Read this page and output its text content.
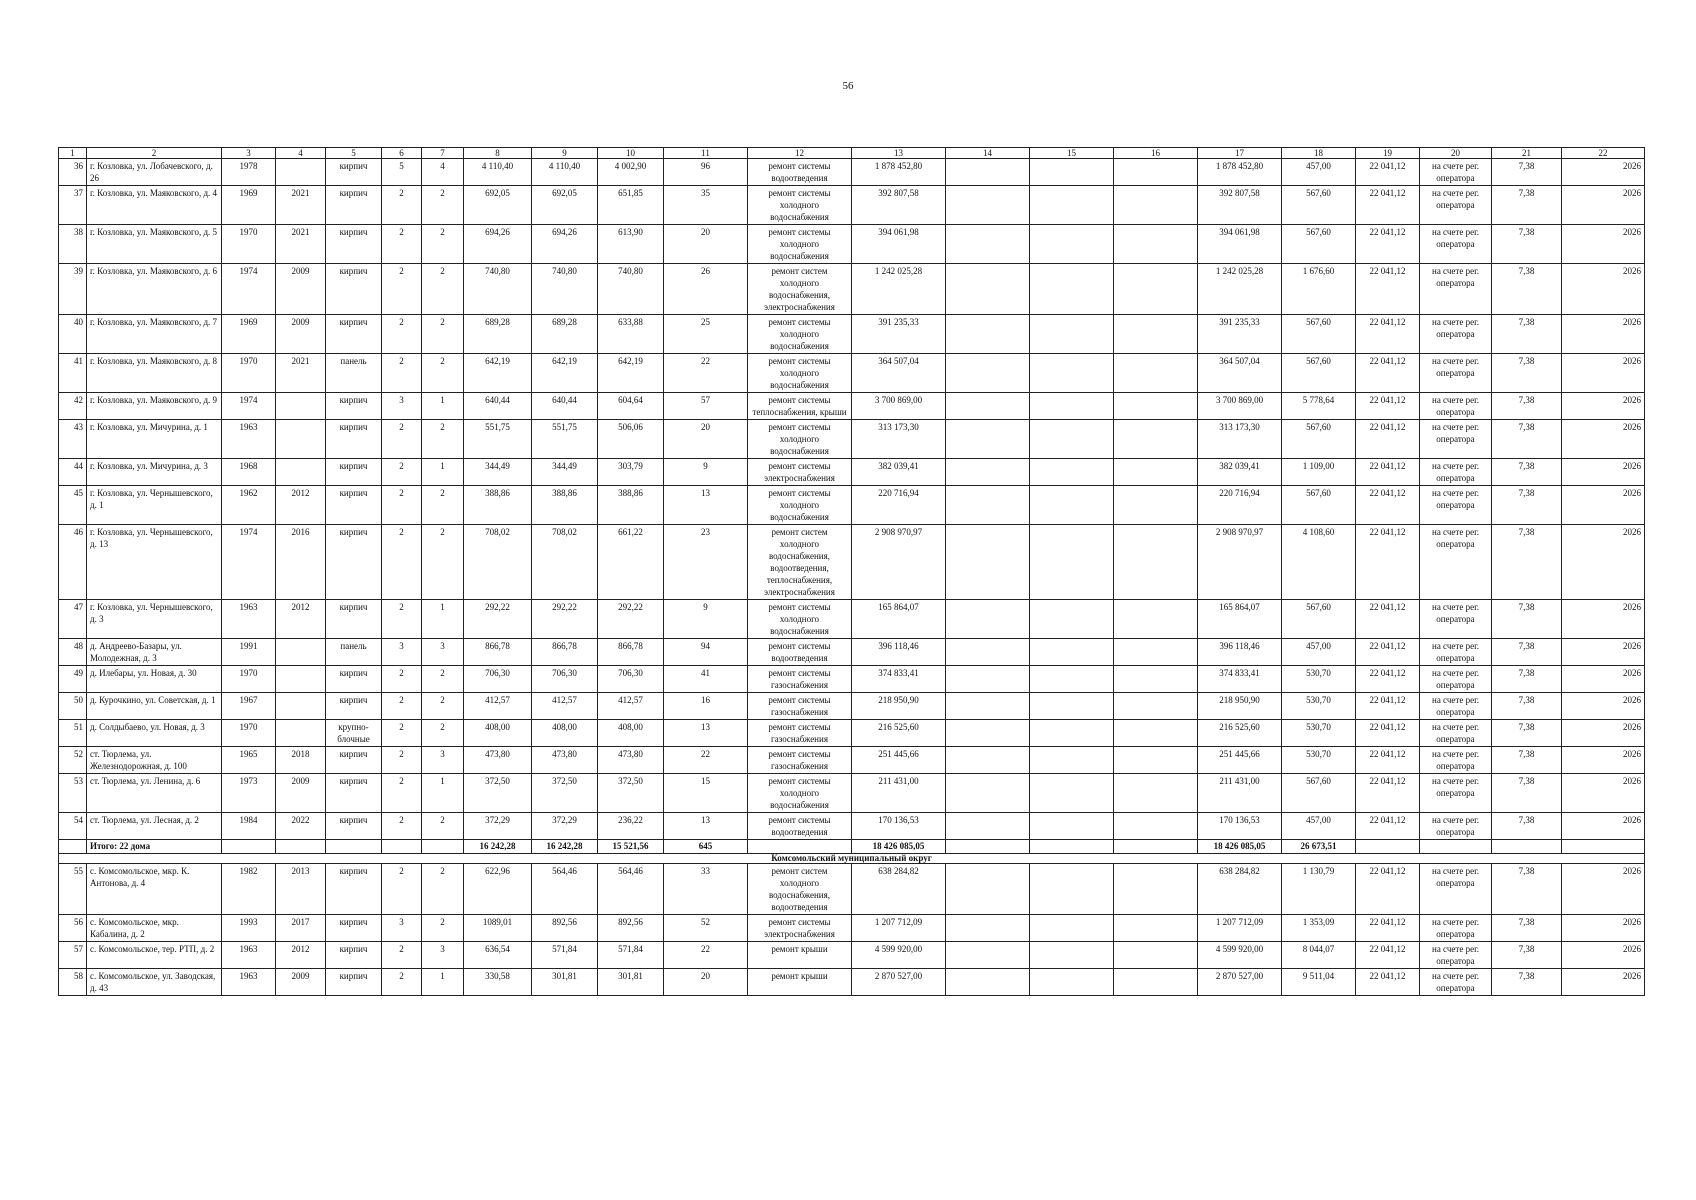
56
1	2	3	4	5	6	7	8	9	10	11	12	13	14	15	16	17	18	19	20	21	22
36	г. Козловка, ул. Лобачевского, д. 26	1978		кирпич	5	4	4 110,40	4 110,40	4 002,90	96	ремонт системы водоотведения	1 878 452,80				1 878 452,80	457,00	22 041,12	на счете рег. оператора	7,38	2026
37	г. Козловка, ул. Маяковского, д. 4	1969	2021	кирпич	2	2	692,05	692,05	651,85	35	ремонт системы холодного водоснабжения	392 807,58				392 807,58	567,60	22 041,12	на счете рег. оператора	7,38	2026
38	г. Козловка, ул. Маяковского, д. 5	1970	2021	кирпич	2	2	694,26	694,26	613,90	20	ремонт системы холодного водоснабжения	394 061,98				394 061,98	567,60	22 041,12	на счете рег. оператора	7,38	2026
39	г. Козловка, ул. Маяковского, д. 6	1974	2009	кирпич	2	2	740,80	740,80	740,80	26	ремонт систем холодного водоснабжения, электроснабжения	1 242 025,28				1 242 025,28	1 676,60	22 041,12	на счете рег. оператора	7,38	2026
40	г. Козловка, ул. Маяковского, д. 7	1969	2009	кирпич	2	2	689,28	689,28	633,88	25	ремонт системы холодного водоснабжения	391 235,33				391 235,33	567,60	22 041,12	на счете рег. оператора	7,38	2026
41	г. Козловка, ул. Маяковского, д. 8	1970	2021	панель	2	2	642,19	642,19	642,19	22	ремонт системы холодного водоснабжения	364 507,04				364 507,04	567,60	22 041,12	на счете рег. оператора	7,38	2026
42	г. Козловка, ул. Маяковского, д. 9	1974		кирпич	3	1	640,44	640,44	604,64	57	ремонт системы теплоснабжения, крыши	3 700 869,00				3 700 869,00	5 778,64	22 041,12	на счете рег. оператора	7,38	2026
43	г. Козловка, ул. Мичурина, д. 1	1963		кирпич	2	2	551,75	551,75	506,06	20	ремонт системы холодного водоснабжения	313 173,30				313 173,30	567,60	22 041,12	на счете рег. оператора	7,38	2026
44	г. Козловка, ул. Мичурина, д. 3	1968		кирпич	2	1	344,49	344,49	303,79	9	ремонт системы электроснабжения	382 039,41				382 039,41	1 109,00	22 041,12	на счете рег. оператора	7,38	2026
45	г. Козловка, ул. Чернышевского, д. 1	1962	2012	кирпич	2	2	388,86	388,86	388,86	13	ремонт системы холодного водоснабжения	220 716,94				220 716,94	567,60	22 041,12	на счете рег. оператора	7,38	2026
46	г. Козловка, ул. Чернышевского, д. 13	1974	2016	кирпич	2	2	708,02	708,02	661,22	23	ремонт систем холодного водоснабжения, водоотведения, теплоснабжения, электроснабжения	2 908 970,97				2 908 970,97	4 108,60	22 041,12	на счете рег. оператора	7,38	2026
47	г. Козловка, ул. Чернышевского, д. 3	1963	2012	кирпич	2	1	292,22	292,22	292,22	9	ремонт системы холодного водоснабжения	165 864,07				165 864,07	567,60	22 041,12	на счете рег. оператора	7,38	2026
48	д. Андреево-Базары, ул. Молодежная, д. 3	1991		панель	3	3	866,78	866,78	866,78	94	ремонт системы водоотведения	396 118,46				396 118,46	457,00	22 041,12	на счете рег. оператора	7,38	2026
49	д. Илебары, ул. Новая, д. 30	1970		кирпич	2	2	706,30	706,30	706,30	41	ремонт системы газоснабжения	374 833,41				374 833,41	530,70	22 041,12	на счете рег. оператора	7,38	2026
50	д. Курочкино, ул. Советская, д. 1	1967		кирпич	2	2	412,57	412,57	412,57	16	ремонт системы газоснабжения	218 950,90				218 950,90	530,70	22 041,12	на счете рег. оператора	7,38	2026
51	д. Солдыбаево, ул. Новая, д. 3	1970		крупно-блочные	2	2	408,00	408,00	408,00	13	ремонт системы газоснабжения	216 525,60				216 525,60	530,70	22 041,12	на счете рег. оператора	7,38	2026
52	ст. Тюрлема, ул. Железнодорожная, д. 100	1965	2018	кирпич	2	3	473,80	473,80	473,80	22	ремонт системы газоснабжения	251 445,66				251 445,66	530,70	22 041,12	на счете рег. оператора	7,38	2026
53	ст. Тюрлема, ул. Ленина, д. 6	1973	2009	кирпич	2	1	372,50	372,50	372,50	15	ремонт системы холодного водоснабжения	211 431,00				211 431,00	567,60	22 041,12	на счете рег. оператора	7,38	2026
54	ст. Тюрлема, ул. Лесная, д. 2	1984	2022	кирпич	2	2	372,29	372,29	236,22	13	ремонт системы водоотведения	170 136,53				170 136,53	457,00	22 041,12	на счете рег. оператора	7,38	2026
	Итого: 22 дома						16 242,28	16 242,28	15 521,56	645		18 426 085,05				18 426 085,05	26 673,51				
Комсомольский муниципальный округ																					
55	с. Комсомольское, мкр. К. Антонова, д. 4	1982	2013	кирпич	2	2	622,96	564,46	564,46	33	ремонт систем холодного водоснабжения, водоотведения	638 284,82				638 284,82	1 130,79	22 041,12	на счете рег. оператора	7,38	2026
56	с. Комсомольское, мкр. Кабалина, д. 2	1993	2017	кирпич	3	2	1089,01	892,56	892,56	52	ремонт системы электроснабжения	1 207 712,09				1 207 712,09	1 353,09	22 041,12	на счете рег. оператора	7,38	2026
57	с. Комсомольское, тер. РТП, д. 2	1963	2012	кирпич	2	3	636,54	571,84	571,84	22	ремонт крыши	4 599 920,00				4 599 920,00	8 044,07	22 041,12	на счете рег. оператора	7,38	2026
58	с. Комсомольское, ул. Заводская, д. 43	1963	2009	кирпич	2	1	330,58	301,81	301,81	20	ремонт крыши	2 870 527,00				2 870 527,00	9 511,04	22 041,12	на счете рег. оператора	7,38	2026
